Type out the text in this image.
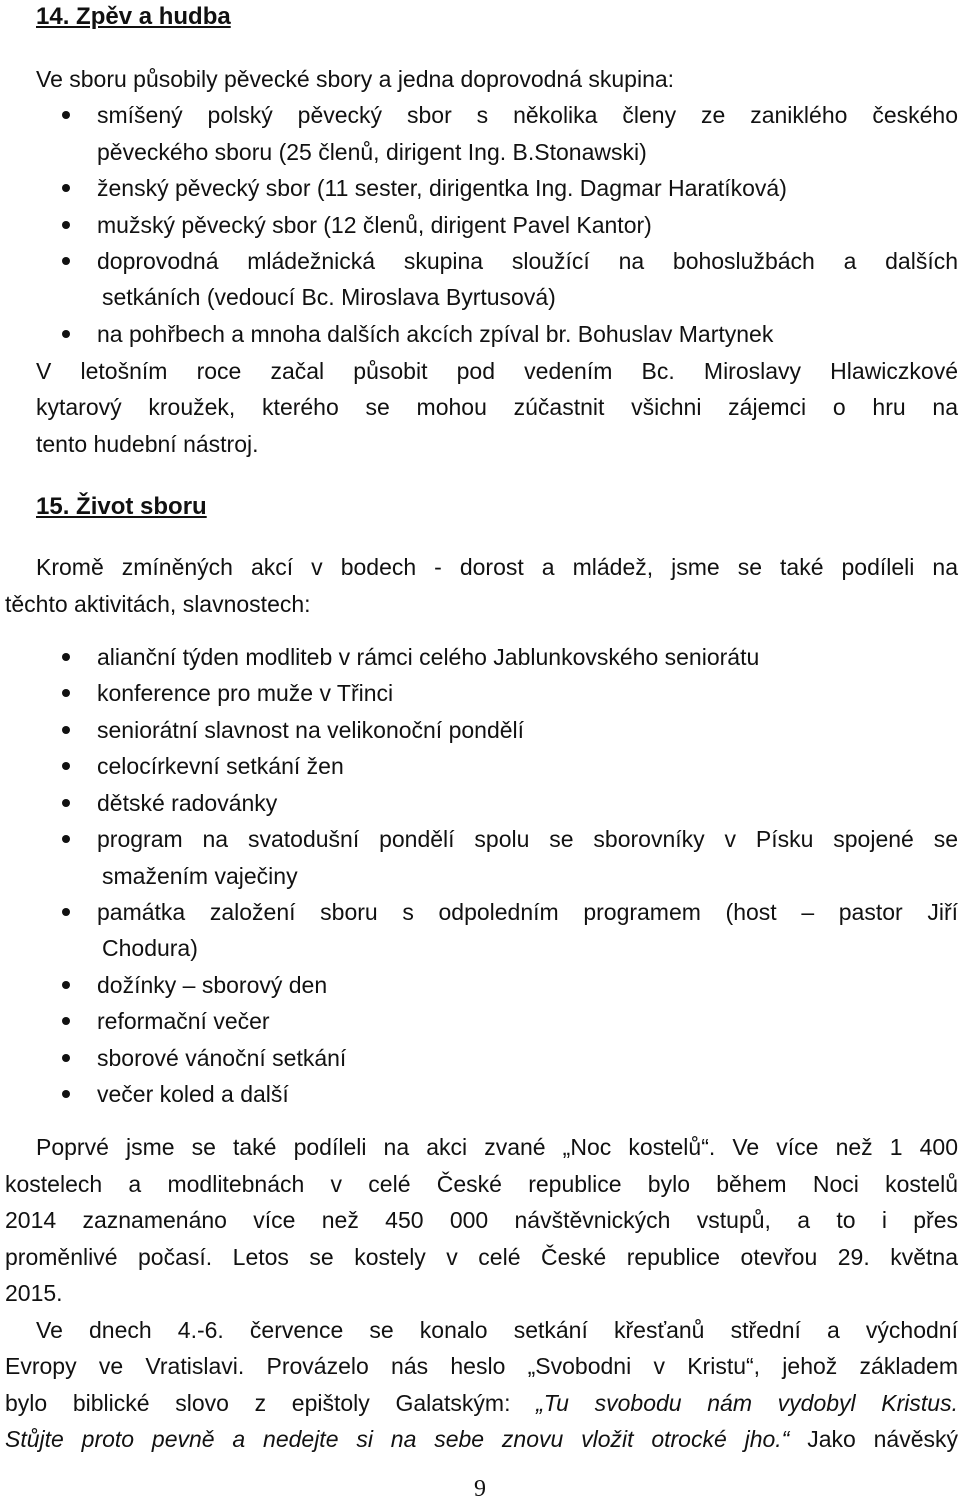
14. Zpěv a hudba
Ve sboru působily pěvecké sbory a jedna doprovodná skupina:
smíšený polský pěvecký sbor s několika členy ze zaniklého českého
pěveckého sboru (25 členů, dirigent Ing. B.Stonawski)
ženský pěvecký sbor (11 sester, dirigentka Ing. Dagmar Haratíková)
mužský pěvecký sbor (12 členů, dirigent Pavel Kantor)
doprovodná mládežnická skupina sloužící na bohoslužbách a dalších
setkáních (vedoucí Bc. Miroslava Byrtusová)
na pohřbech a mnoha dalších akcích zpíval br. Bohuslav Martynek
V letošním roce začal působit pod vedením Bc. Miroslavy Hlawiczkové
kytarový kroužek, kterého se mohou zúčastnit všichni zájemci o hru na
tento hudební nástroj.
15. Život sboru
Kromě zmíněných akcí v bodech - dorost a mládež, jsme se také podíleli na
těchto aktivitách, slavnostech:
alianční týden modliteb v rámci celého Jablunkovského seniorátu
konference pro muže v Třinci
seniorátní slavnost na velikonoční pondělí
celocírkevní setkání žen
dětské radovánky
program na svatodušní pondělí spolu se sborovníky v Písku spojené se
smažením vaječiny
památka založení sboru s odpoledním programem (host – pastor Jiří
Chodura)
dožínky – sborový den
reformační večer
sborové vánoční setkání
večer koled a další
Poprvé jsme se také podíleli na akci zvané „Noc kostelů“. Ve více než 1 400
kostelech a modlitebnách v celé České republice bylo během Noci kostelů
2014 zaznamenáno více než 450 000 návštěvnických vstupů, a to i přes
proměnlivé počasí. Letos se kostely v celé České republice otevřou 29. května
2015.
Ve dnech 4.-6. července se konalo setkání křesťanů střední a východní
Evropy ve Vratislavi. Provázelo nás heslo „Svobodni v Kristu“, jehož základem
bylo biblické slovo z epištoly Galatským: „Tu svobodu nám vydobyl Kristus.
Stůjte proto pevně a nedejte si na sebe znovu vložit otrocké jho.“ Jako návěský
9
